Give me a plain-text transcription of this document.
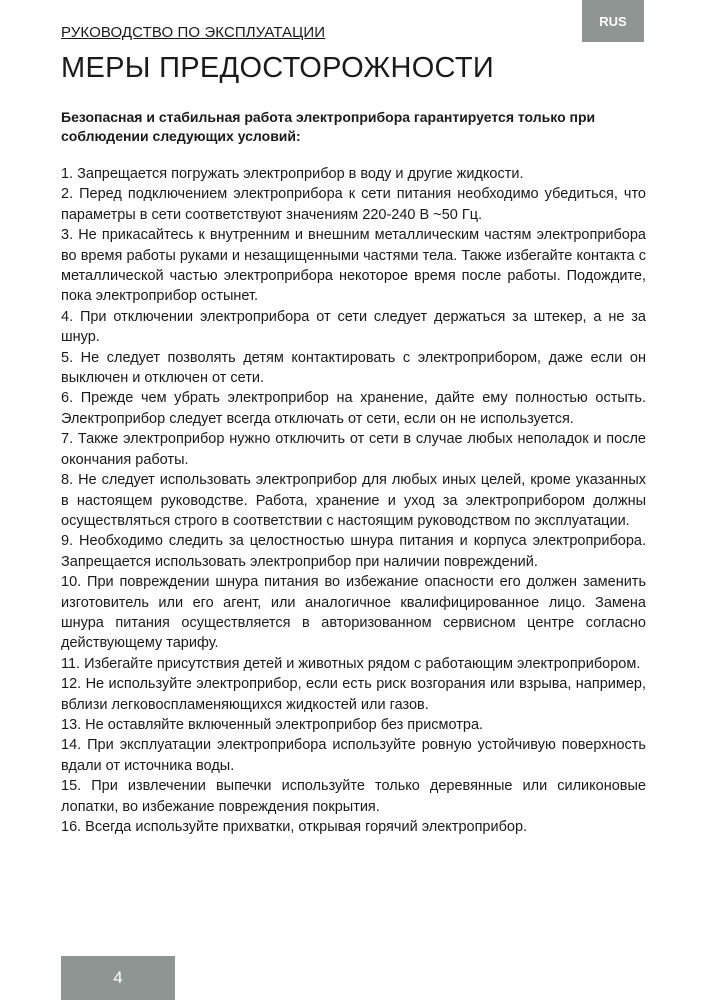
RUS
РУКОВОДСТВО ПО ЭКСПЛУАТАЦИИ
МЕРЫ ПРЕДОСТОРОЖНОСТИ

Безопасная и стабильная работа электроприбора гарантируется только при соблюдении следующих условий:

1. Запрещается погружать электроприбор в воду и другие жидкости.
2. Перед подключением электроприбора к сети питания необходимо убедиться, что параметры в сети соответствуют значениям 220-240 В ~50 Гц.
3. Не прикасайтесь к внутренним и внешним металлическим частям электроприбора во время работы руками и незащищенными частями тела. Также избегайте контакта с металлической частью электроприбора некоторое время после работы. Подождите, пока электроприбор остынет.
4. При отключении электроприбора от сети следует держаться за штекер, а не за шнур.
5. Не следует позволять детям контактировать с электроприбором, даже если он выключен и отключен от сети.
6. Прежде чем убрать электроприбор на хранение, дайте ему полностью остыть. Электроприбор следует всегда отключать от сети, если он не используется.
7. Также электроприбор нужно отключить от сети в случае любых неполадок и после окончания работы.
8. Не следует использовать электроприбор для любых иных целей, кроме указанных в настоящем руководстве. Работа, хранение и уход за электроприбором должны осуществляться строго в соответствии с настоящим руководством по эксплуатации.
9. Необходимо следить за целостностью шнура питания и корпуса электроприбора. Запрещается использовать электроприбор при наличии повреждений.
10. При повреждении шнура питания во избежание опасности его должен заменить изготовитель или его агент, или аналогичное квалифицированное лицо. Замена шнура питания осуществляется в авторизованном сервисном центре согласно действующему тарифу.
11. Избегайте присутствия детей и животных рядом с работающим электроприбором.
12. Не используйте электроприбор, если есть риск возгорания или взрыва, например, вблизи легковоспламеняющихся жидкостей или газов.
13. Не оставляйте включенный электроприбор без присмотра.
14. При эксплуатации электроприбора используйте ровную устойчивую поверхность вдали от источника воды.
15. При извлечении выпечки используйте только деревянные или силиконовые лопатки, во избежание повреждения покрытия.
16. Всегда используйте прихватки, открывая горячий электроприбор.
4
